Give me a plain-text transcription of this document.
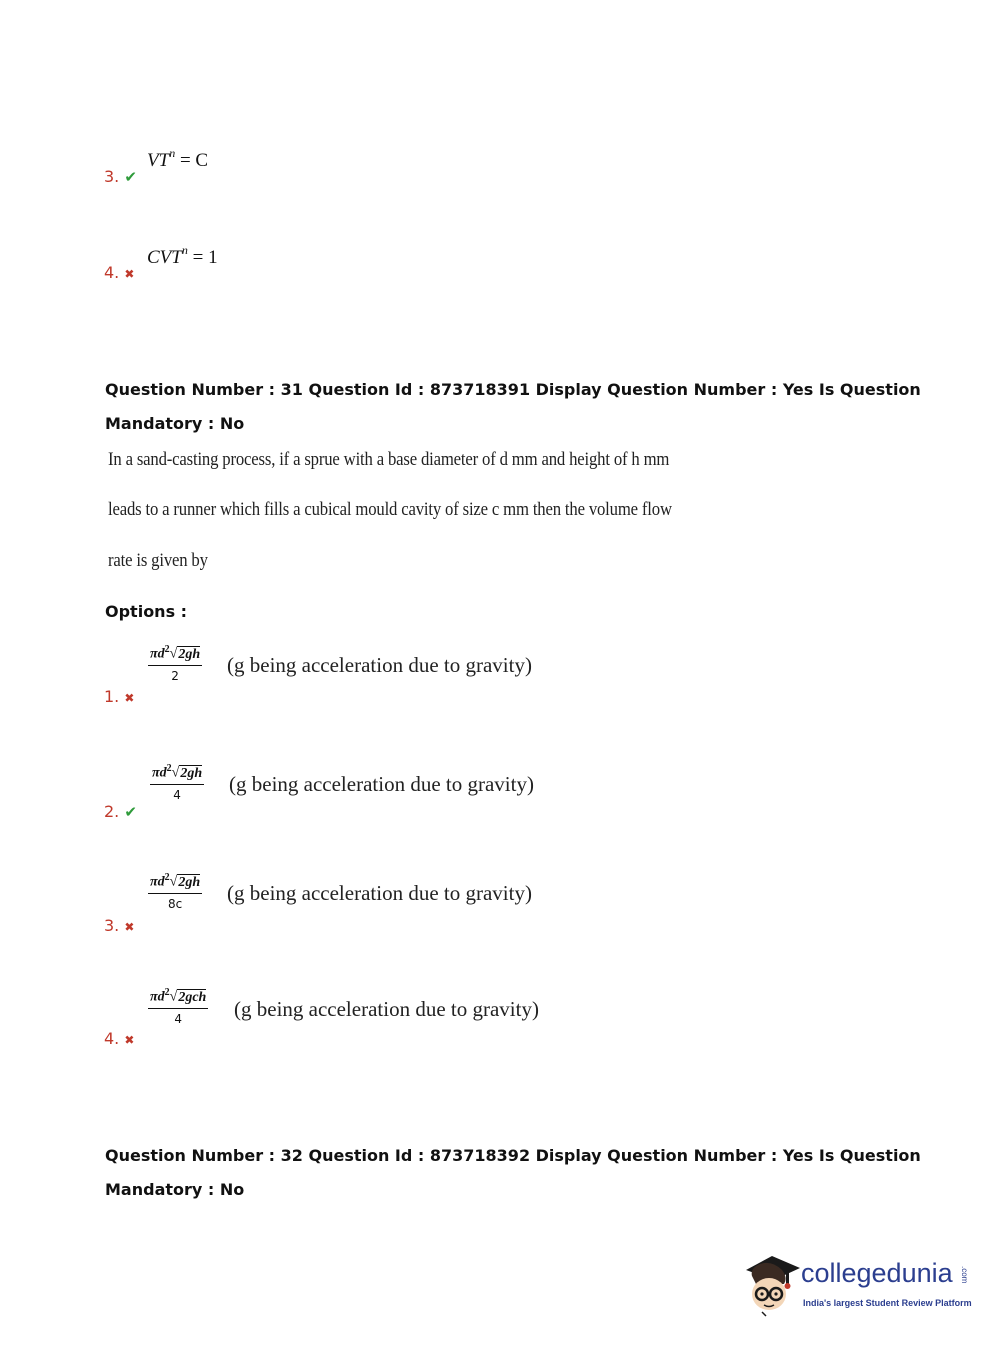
$VT^n = C$
3. ✔
$CVT^n = 1$
4. ✖
Question Number : 31 Question Id : 873718391 Display Question Number : Yes Is Question
Mandatory : No
In a sand-casting process, if a sprue with a base diameter of d mm and height of h mm
leads to a runner which fills a cubical mould cavity of size c mm then the volume flow
rate is given by
Options :
$\pi d^2√2gh$
2	(g being acceleration due to gravity)
1. ✖
$\pi d^2√2gh$
4	(g being acceleration due to gravity)
2. ✔
$\pi d^2√2gh$
8c	(g being acceleration due to gravity)
3. ✖
$\pi d^2√2gch$
4	(g being acceleration due to gravity)
4. ✖
Question Number : 32 Question Id : 873718392 Display Question Number : Yes Is Question
Mandatory : No
collegedunia .com
India's largest Student Review Platform
